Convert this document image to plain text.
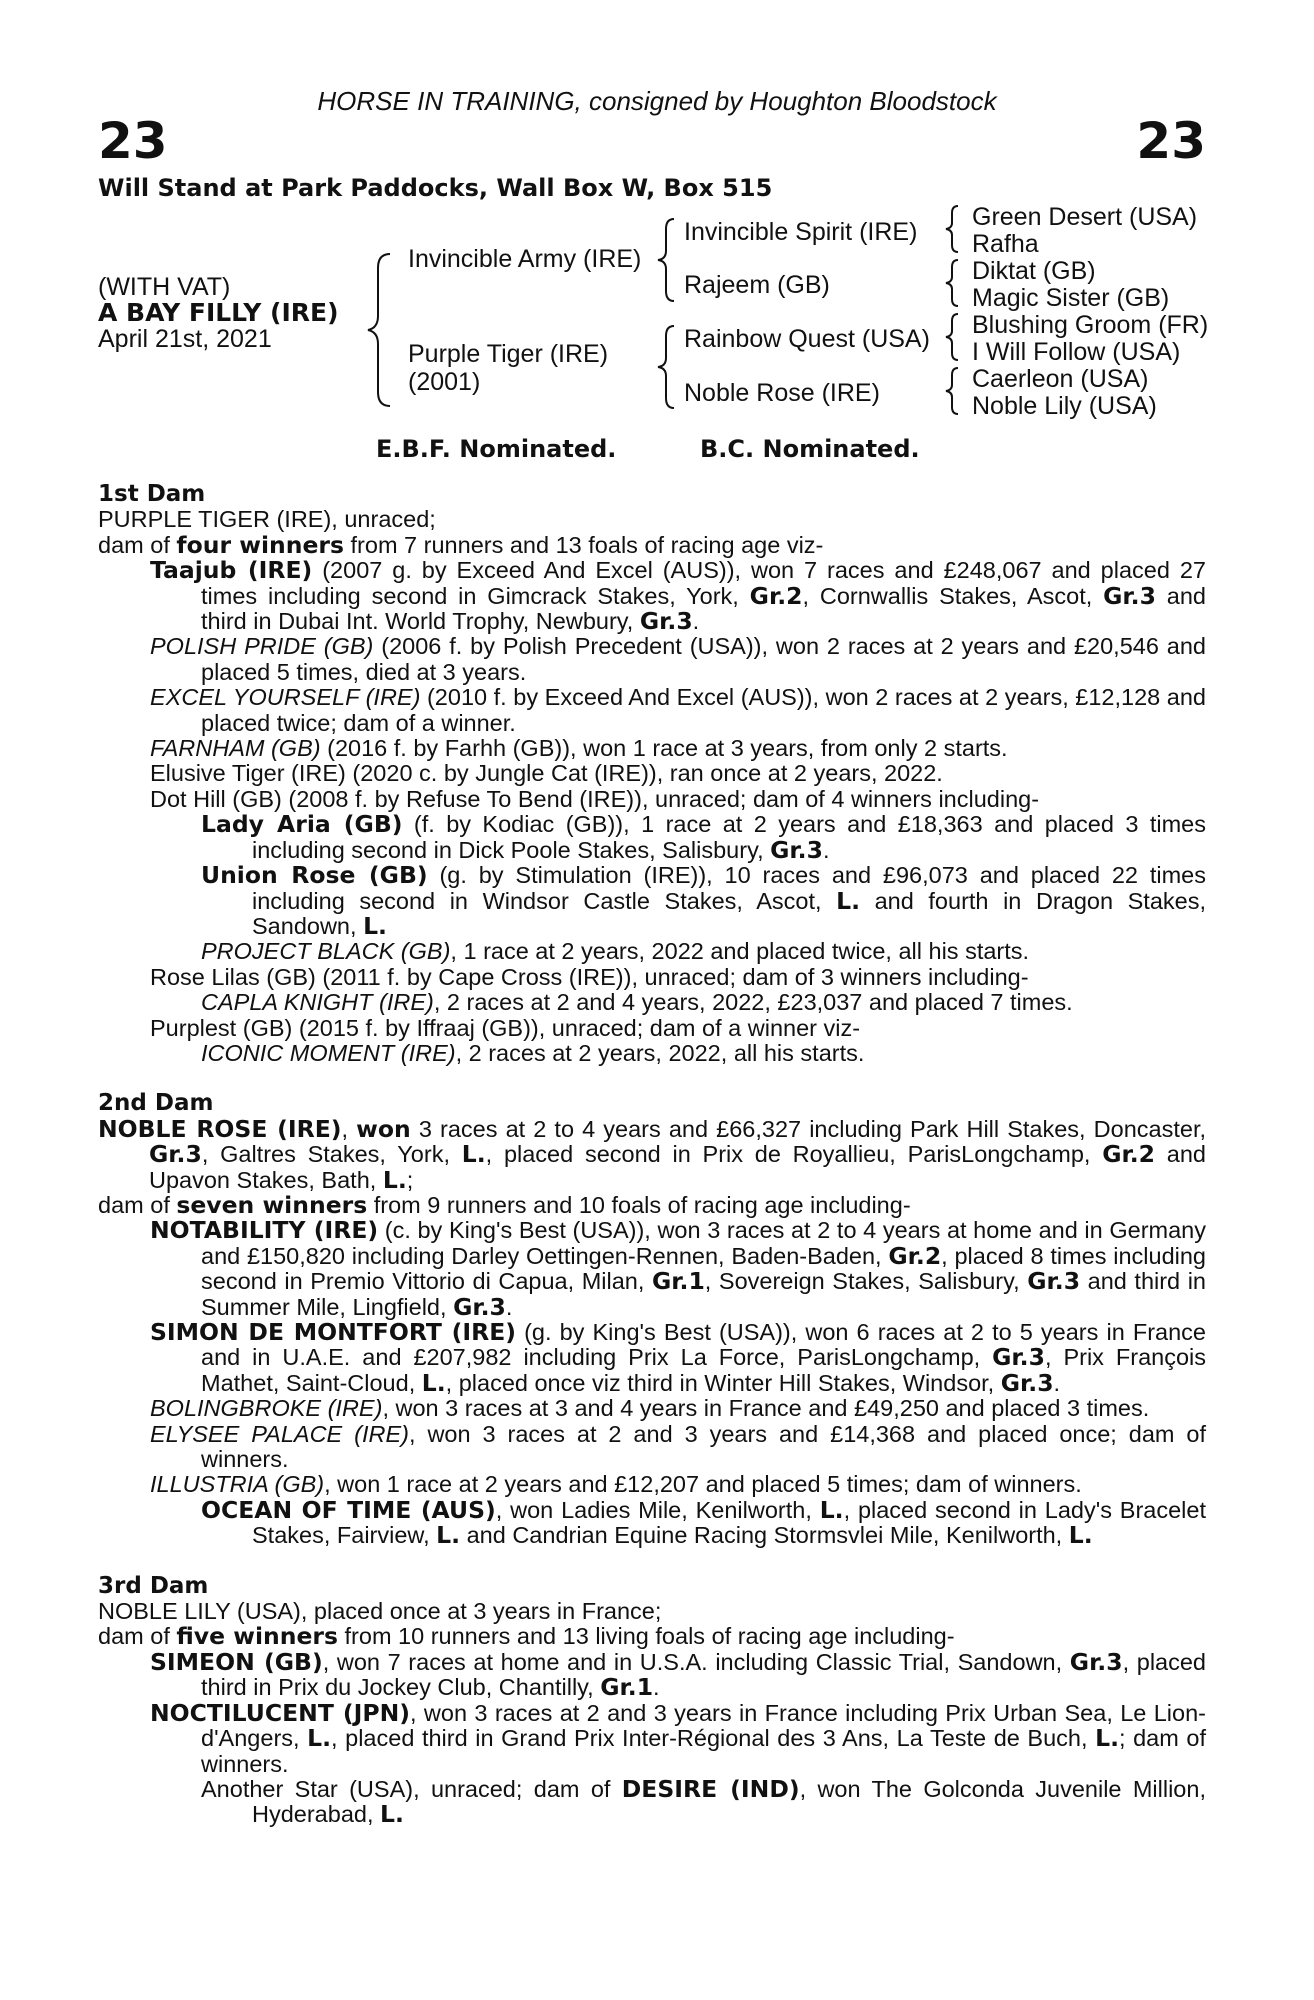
HORSE IN TRAINING, consigned by Houghton Bloodstock
23	23
Will Stand at Park Paddocks, Wall Box W, Box 515
(WITH VAT)
A BAY FILLY (IRE)
April 21st, 2021
Invincible Army (IRE)
Purple Tiger (IRE)
(2001)
Invincible Spirit (IRE)
Rajeem (GB)
Rainbow Quest (USA)
Noble Rose (IRE)
Green Desert (USA)
Rafha
Diktat (GB)
Magic Sister (GB)
Blushing Groom (FR)
I Will Follow (USA)
Caerleon (USA)
Noble Lily (USA)
E.B.F. Nominated.	B.C. Nominated.

1st Dam

PURPLE TIGER (IRE), unraced;

dam of four winners from 7 runners and 13 foals of racing age viz-

Taajub (IRE) (2007 g. by Exceed And Excel (AUS)), won 7 races and £248,067 and placed 27 times including second in Gimcrack Stakes, York, Gr.2, Cornwallis Stakes, Ascot, Gr.3 and third in Dubai Int. World Trophy, Newbury, Gr.3.

POLISH PRIDE (GB) (2006 f. by Polish Precedent (USA)), won 2 races at 2 years and £20,546 and placed 5 times, died at 3 years.

EXCEL YOURSELF (IRE) (2010 f. by Exceed And Excel (AUS)), won 2 races at 2 years, £12,128 and placed twice; dam of a winner.

FARNHAM (GB) (2016 f. by Farhh (GB)), won 1 race at 3 years, from only 2 starts.

Elusive Tiger (IRE) (2020 c. by Jungle Cat (IRE)), ran once at 2 years, 2022.

Dot Hill (GB) (2008 f. by Refuse To Bend (IRE)), unraced; dam of 4 winners including-

Lady Aria (GB) (f. by Kodiac (GB)), 1 race at 2 years and £18,363 and placed 3 times including second in Dick Poole Stakes, Salisbury, Gr.3.

Union Rose (GB) (g. by Stimulation (IRE)), 10 races and £96,073 and placed 22 times including second in Windsor Castle Stakes, Ascot, L. and fourth in Dragon Stakes, Sandown, L.

PROJECT BLACK (GB), 1 race at 2 years, 2022 and placed twice, all his starts.

Rose Lilas (GB) (2011 f. by Cape Cross (IRE)), unraced; dam of 3 winners including-

CAPLA KNIGHT (IRE), 2 races at 2 and 4 years, 2022, £23,037 and placed 7 times.

Purplest (GB) (2015 f. by Iffraaj (GB)), unraced; dam of a winner viz-

ICONIC MOMENT (IRE), 2 races at 2 years, 2022, all his starts.

2nd Dam

NOBLE ROSE (IRE), won 3 races at 2 to 4 years and £66,327 including Park Hill Stakes, Doncaster, Gr.3, Galtres Stakes, York, L., placed second in Prix de Royallieu, ParisLongchamp, Gr.2 and Upavon Stakes, Bath, L.;

dam of seven winners from 9 runners and 10 foals of racing age including-

NOTABILITY (IRE) (c. by King's Best (USA)), won 3 races at 2 to 4 years at home and in Germany and £150,820 including Darley Oettingen-Rennen, Baden-Baden, Gr.2, placed 8 times including second in Premio Vittorio di Capua, Milan, Gr.1, Sovereign Stakes, Salisbury, Gr.3 and third in Summer Mile, Lingfield, Gr.3.

SIMON DE MONTFORT (IRE) (g. by King's Best (USA)), won 6 races at 2 to 5 years in France and in U.A.E. and £207,982 including Prix La Force, ParisLongchamp, Gr.3, Prix François Mathet, Saint-Cloud, L., placed once viz third in Winter Hill Stakes, Windsor, Gr.3.

BOLINGBROKE (IRE), won 3 races at 3 and 4 years in France and £49,250 and placed 3 times.

ELYSEE PALACE (IRE), won 3 races at 2 and 3 years and £14,368 and placed once; dam of winners.

ILLUSTRIA (GB), won 1 race at 2 years and £12,207 and placed 5 times; dam of winners.

OCEAN OF TIME (AUS), won Ladies Mile, Kenilworth, L., placed second in Lady's Bracelet Stakes, Fairview, L. and Candrian Equine Racing Stormsvlei Mile, Kenilworth, L.

3rd Dam

NOBLE LILY (USA), placed once at 3 years in France;

dam of five winners from 10 runners and 13 living foals of racing age including-

SIMEON (GB), won 7 races at home and in U.S.A. including Classic Trial, Sandown, Gr.3, placed third in Prix du Jockey Club, Chantilly, Gr.1.

NOCTILUCENT (JPN), won 3 races at 2 and 3 years in France including Prix Urban Sea, Le Lion-d'Angers, L., placed third in Grand Prix Inter-Régional des 3 Ans, La Teste de Buch, L.; dam of winners.

Another Star (USA), unraced; dam of DESIRE (IND), won The Golconda Juvenile Million, Hyderabad, L.
